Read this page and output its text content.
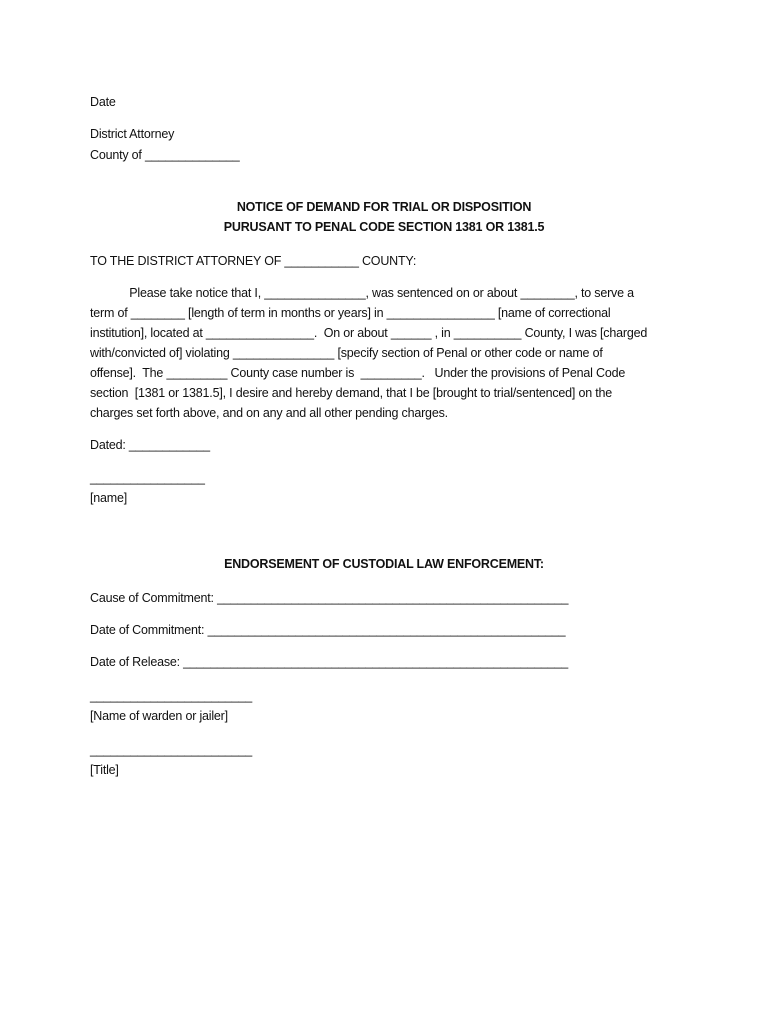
Date
District Attorney
County of ______________
NOTICE OF DEMAND FOR TRIAL OR DISPOSITION
PURUSANT TO PENAL CODE SECTION 1381 OR 1381.5
TO THE DISTRICT ATTORNEY OF ___________ COUNTY:
Please take notice that I, _______________, was sentenced on or about ________, to serve a
term of ________ [length of term in months or years] in ________________ [name of correctional
institution], located at ________________.  On or about ______ , in __________ County, I was [charged
with/convicted of] violating _______________ [specify section of Penal or other code or name of
offense].  The _________ County case number is  _________.   Under the provisions of Penal Code
section  [1381 or 1381.5], I desire and hereby demand, that I be [brought to trial/sentenced] on the
charges set forth above, and on any and all other pending charges.
Dated: ____________
_________________
[name]
ENDORSEMENT OF CUSTODIAL LAW ENFORCEMENT:
Cause of Commitment: ____________________________________________________
Date of Commitment: _____________________________________________________
Date of Release: _________________________________________________________
________________________
[Name of warden or jailer]
________________________
[Title]
